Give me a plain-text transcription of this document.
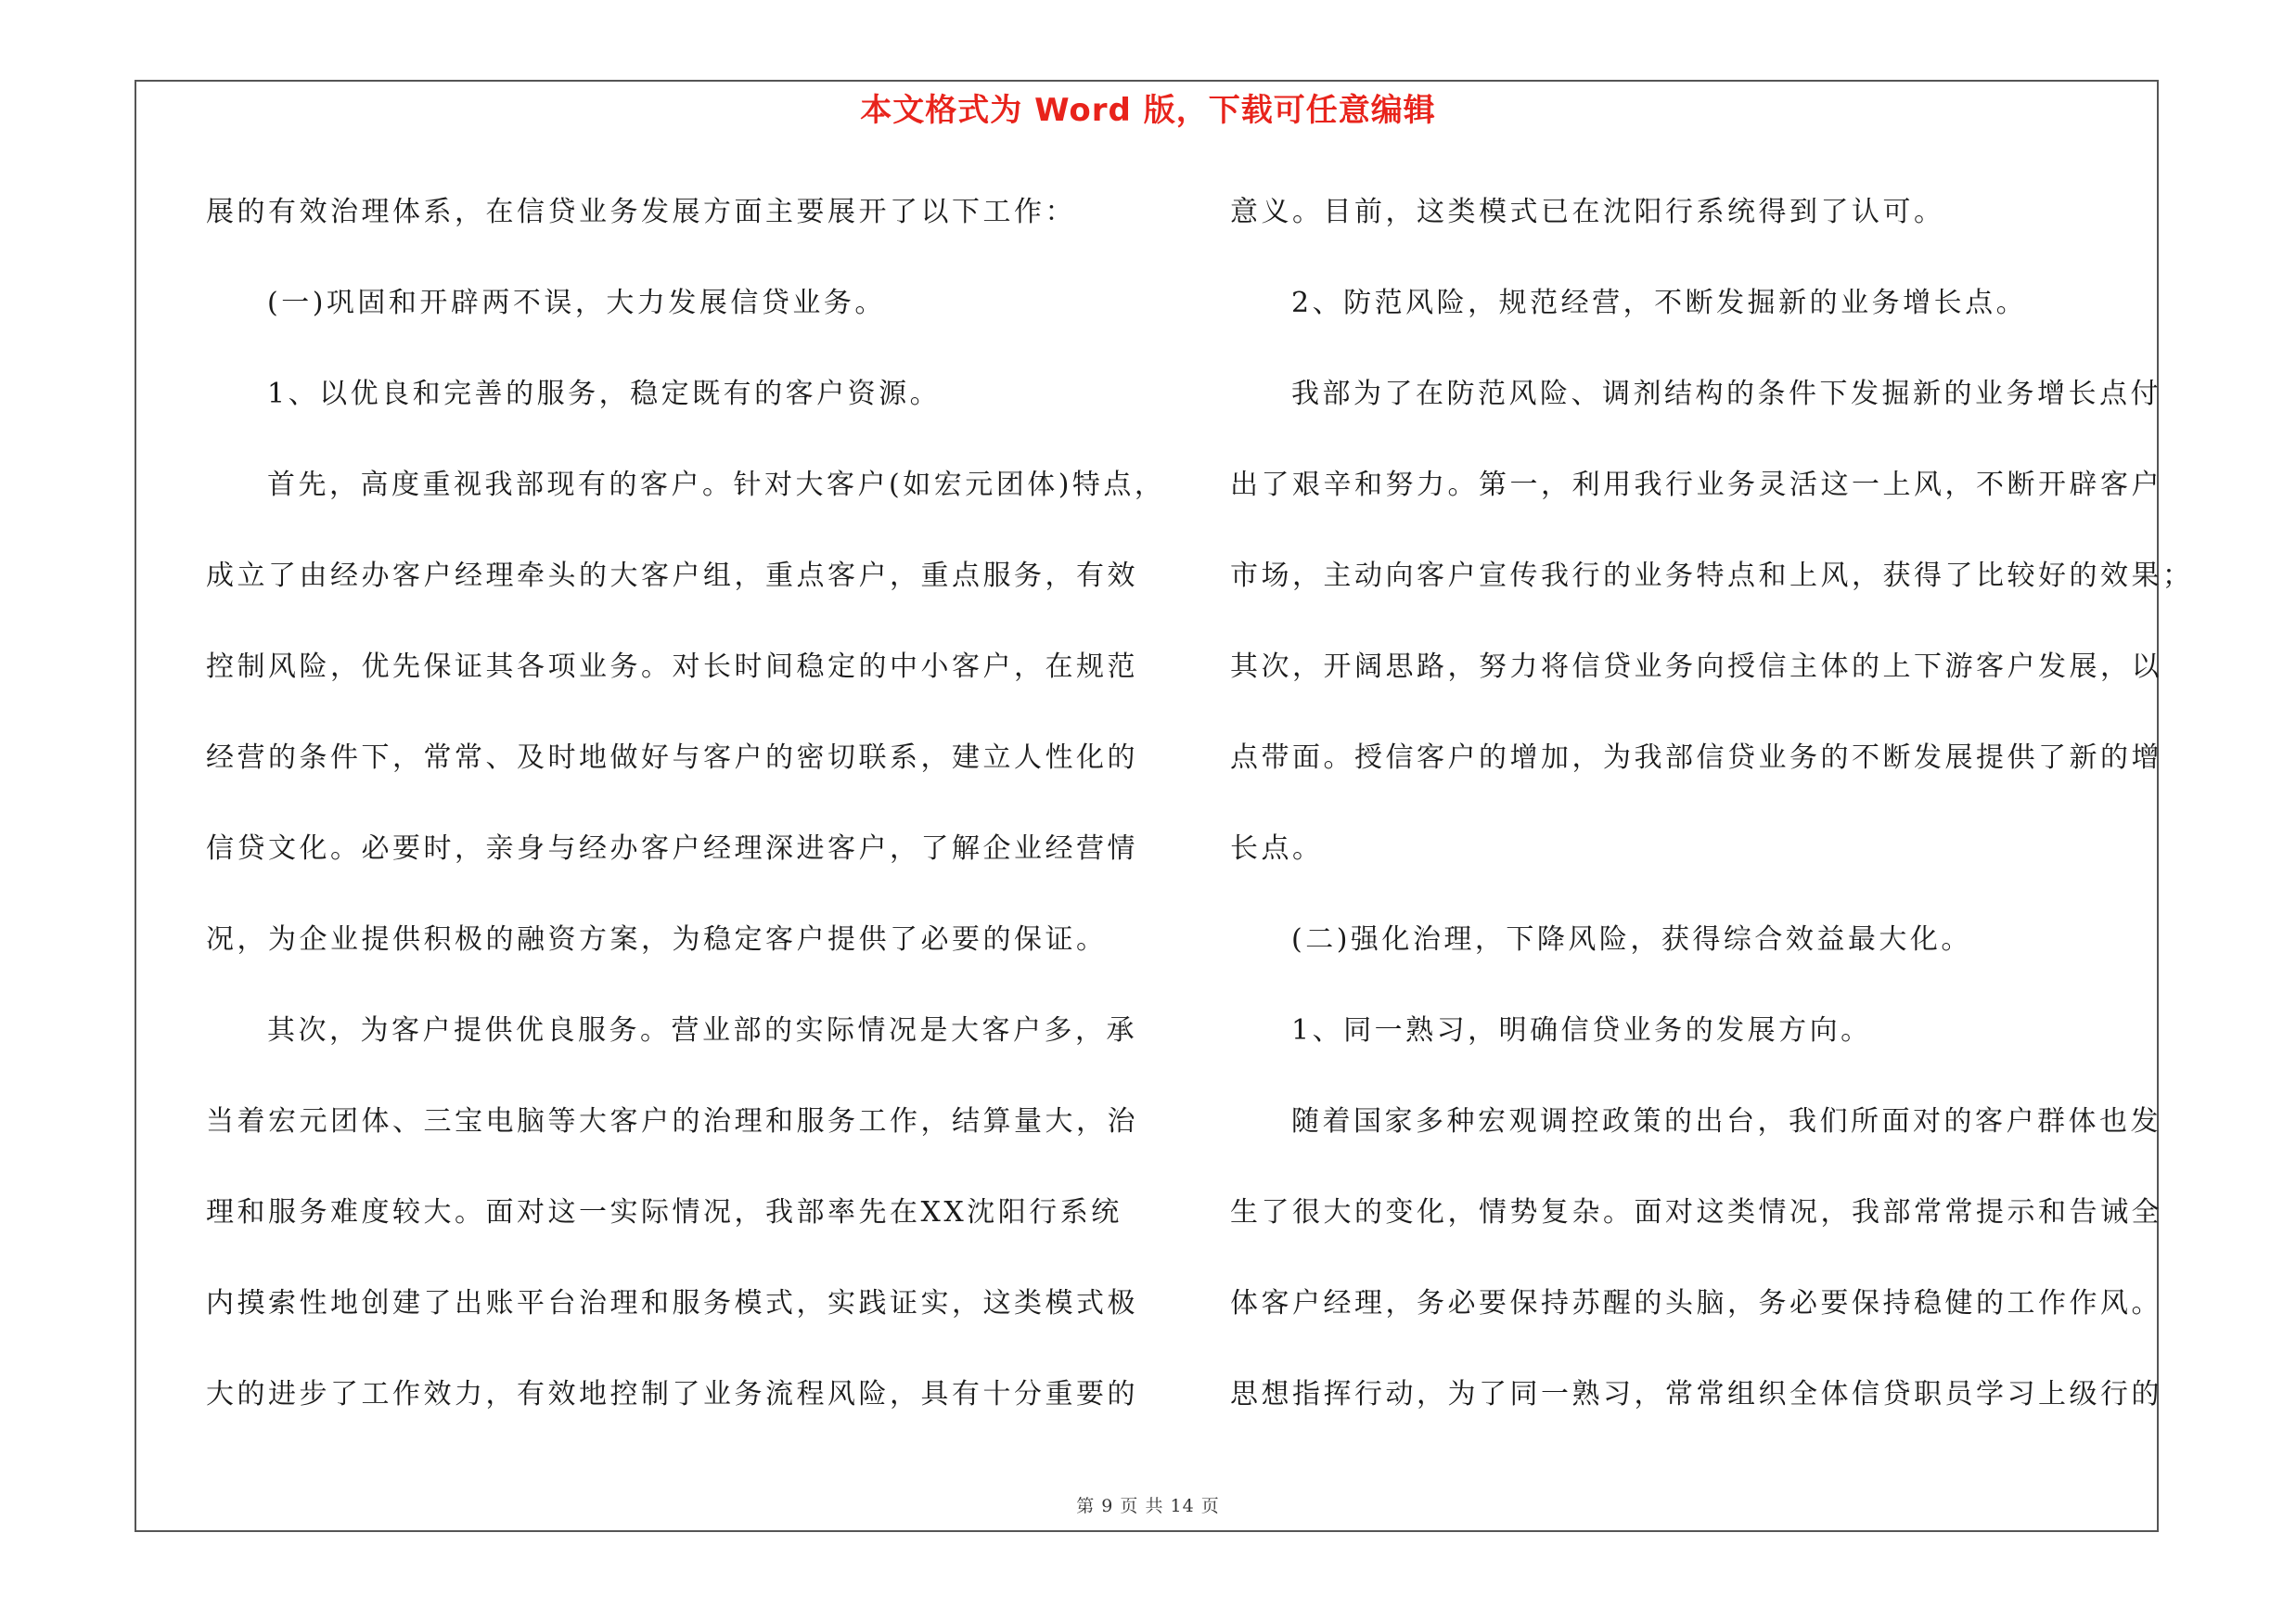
本文格式为 Word 版，下载可任意编辑
展的有效治理体系，在信贷业务发展方面主要展开了以下工作：
(一)巩固和开辟两不误，大力发展信贷业务。
1、以优良和完善的服务，稳定既有的客户资源。
首先，高度重视我部现有的客户。针对大客户(如宏元团体)特点，
成立了由经办客户经理牵头的大客户组，重点客户，重点服务，有效
控制风险，优先保证其各项业务。对长时间稳定的中小客户，在规范
经营的条件下，常常、及时地做好与客户的密切联系，建立人性化的
信贷文化。必要时，亲身与经办客户经理深进客户，了解企业经营情
况，为企业提供积极的融资方案，为稳定客户提供了必要的保证。
其次，为客户提供优良服务。营业部的实际情况是大客户多，承
当着宏元团体、三宝电脑等大客户的治理和服务工作，结算量大，治
理和服务难度较大。面对这一实际情况，我部率先在XX沈阳行系统
内摸索性地创建了出账平台治理和服务模式，实践证实，这类模式极
大的进步了工作效力，有效地控制了业务流程风险，具有十分重要的
意义。目前，这类模式已在沈阳行系统得到了认可。
2、防范风险，规范经营，不断发掘新的业务增长点。
我部为了在防范风险、调剂结构的条件下发掘新的业务增长点付
出了艰辛和努力。第一，利用我行业务灵活这一上风，不断开辟客户
市场，主动向客户宣传我行的业务特点和上风，获得了比较好的效果；
其次，开阔思路，努力将信贷业务向授信主体的上下游客户发展，以
点带面。授信客户的增加，为我部信贷业务的不断发展提供了新的增
长点。
(二)强化治理，下降风险，获得综合效益最大化。
1、同一熟习，明确信贷业务的发展方向。
随着国家多种宏观调控政策的出台，我们所面对的客户群体也发
生了很大的变化，情势复杂。面对这类情况，我部常常提示和告诫全
体客户经理，务必要保持苏醒的头脑，务必要保持稳健的工作作风。
思想指挥行动，为了同一熟习，常常组织全体信贷职员学习上级行的
第 9 页 共 14 页
